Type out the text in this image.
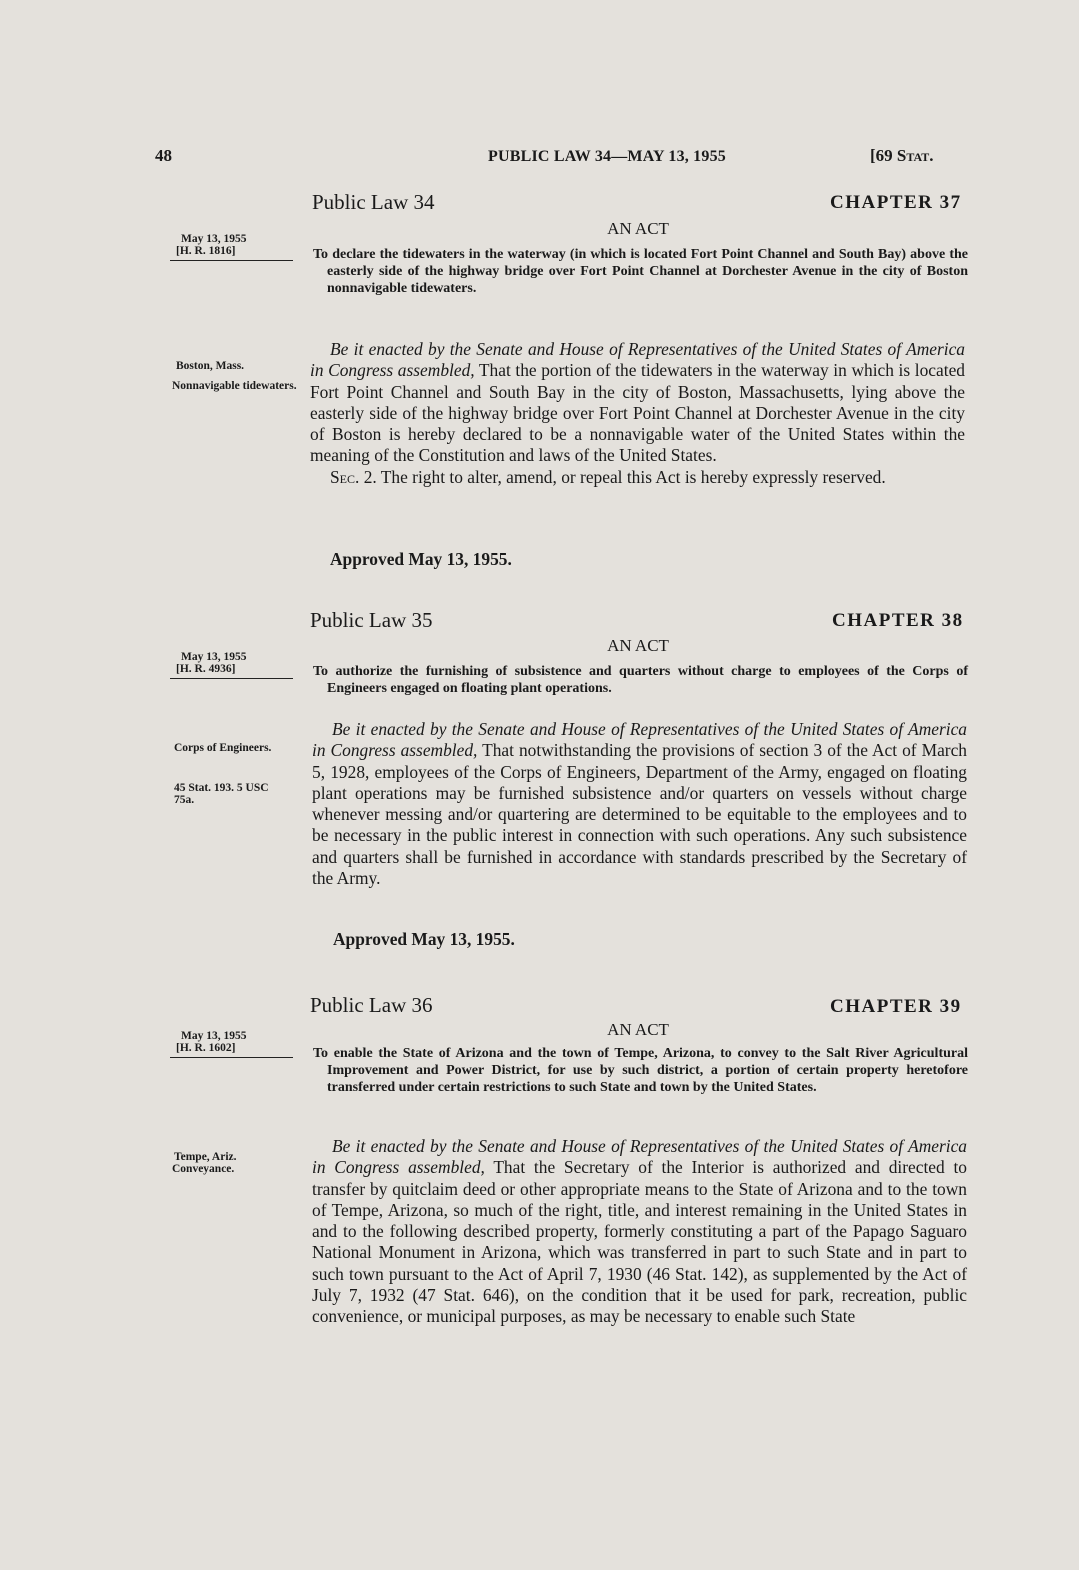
48	PUBLIC LAW 34—MAY 13, 1955	[69 Stat.
Public Law 34	CHAPTER 37
AN ACT
May 13, 1955
[H. R. 1816]	To declare the tidewaters in the waterway (in which is located Fort Point Channel and South Bay) above the easterly side of the highway bridge over Fort Point Channel at Dorchester Avenue in the city of Boston nonnavigable tidewaters.

Boston, Mass.
Nonnavigable tidewaters.

Be it enacted by the Senate and House of Representatives of the United States of America in Congress assembled, That the portion of the tidewaters in the waterway in which is located Fort Point Channel and South Bay in the city of Boston, Massachusetts, lying above the easterly side of the highway bridge over Fort Point Channel at Dorchester Avenue in the city of Boston is hereby declared to be a nonnavigable water of the United States within the meaning of the Constitution and laws of the United States.

Sec. 2. The right to alter, amend, or repeal this Act is hereby expressly reserved.

Approved May 13, 1955.
Public Law 35	CHAPTER 38
AN ACT
May 13, 1955
[H. R. 4936]	To authorize the furnishing of subsistence and quarters without charge to employees of the Corps of Engineers engaged on floating plant operations.

Corps of Engineers.
45 Stat. 193. 5 USC 75a.

Be it enacted by the Senate and House of Representatives of the United States of America in Congress assembled, That notwithstanding the provisions of section 3 of the Act of March 5, 1928, employees of the Corps of Engineers, Department of the Army, engaged on floating plant operations may be furnished subsistence and/or quarters on vessels without charge whenever messing and/or quartering are determined to be equitable to the employees and to be necessary in the public interest in connection with such operations. Any such subsistence and quarters shall be furnished in accordance with standards prescribed by the Secretary of the Army.

Approved May 13, 1955.
Public Law 36	CHAPTER 39
AN ACT
May 13, 1955
[H. R. 1602]	To enable the State of Arizona and the town of Tempe, Arizona, to convey to the Salt River Agricultural Improvement and Power District, for use by such district, a portion of certain property heretofore transferred under certain restrictions to such State and town by the United States.

Tempe, Ariz.
Conveyance.

Be it enacted by the Senate and House of Representatives of the United States of America in Congress assembled, That the Secretary of the Interior is authorized and directed to transfer by quitclaim deed or other appropriate means to the State of Arizona and to the town of Tempe, Arizona, so much of the right, title, and interest remaining in the United States in and to the following described property, formerly constituting a part of the Papago Saguaro National Monument in Arizona, which was transferred in part to such State and in part to such town pursuant to the Act of April 7, 1930 (46 Stat. 142), as supplemented by the Act of July 7, 1932 (47 Stat. 646), on the condition that it be used for park, recreation, public convenience, or municipal purposes, as may be necessary to enable such State
